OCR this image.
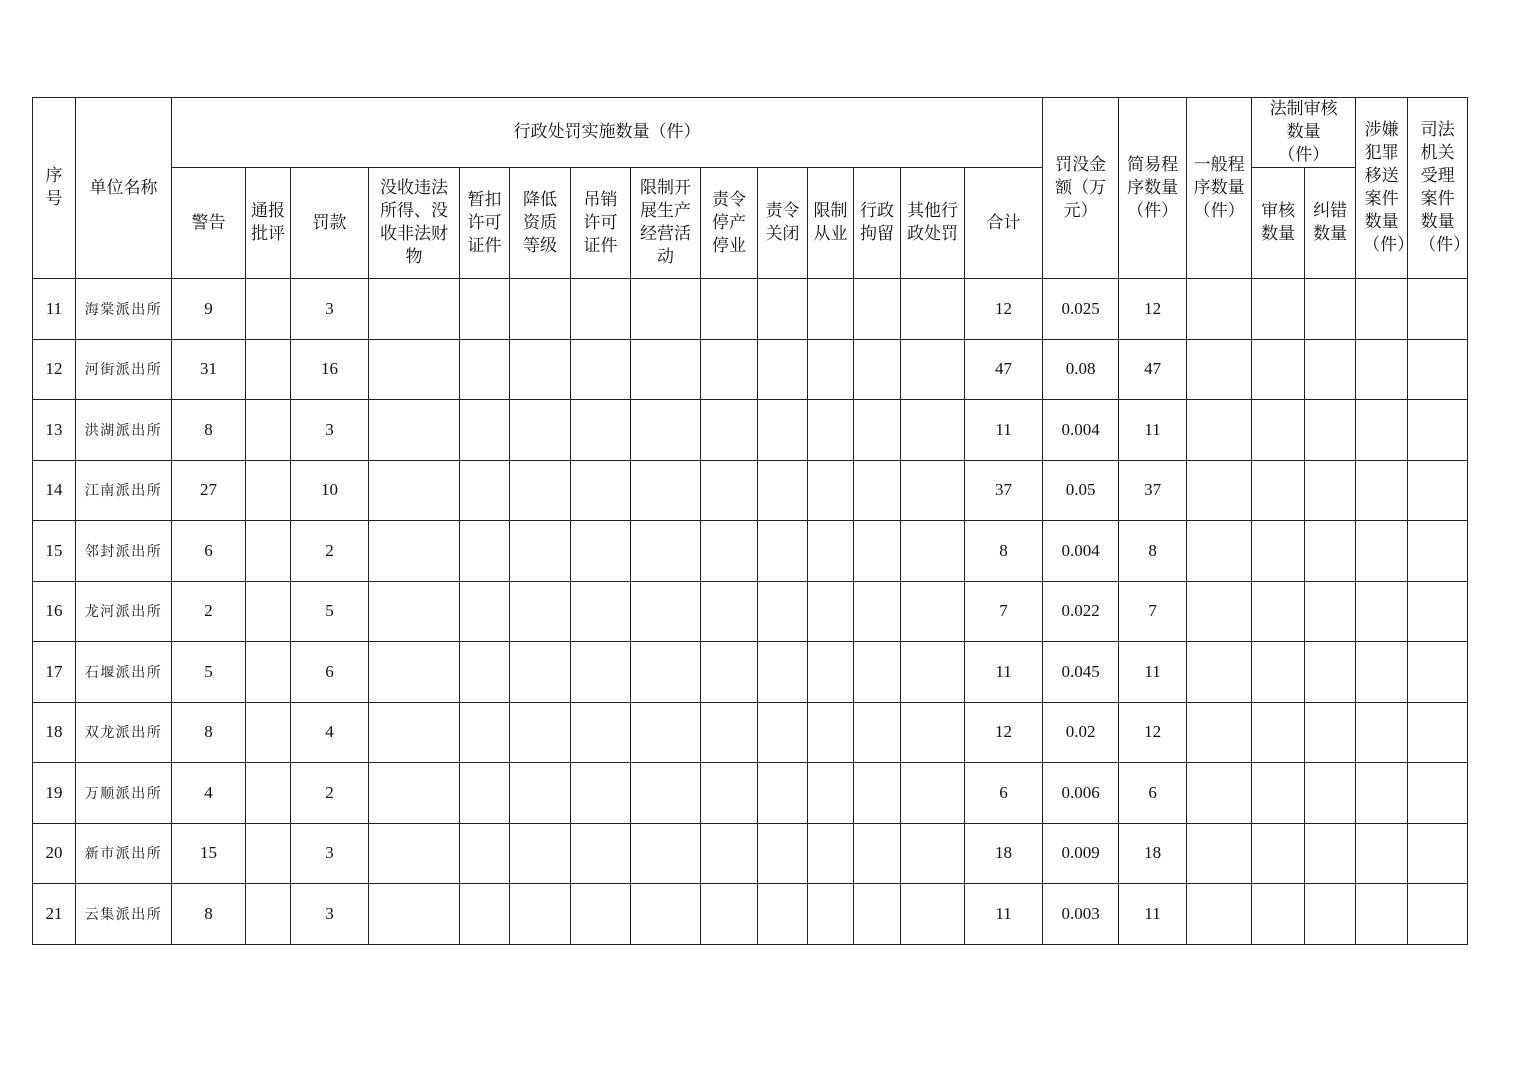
序号	单位名称	行政处罚实施数量（件）														罚没金额（万元）	简易程序数量（件）	一般程序数量（件）	法制审核数量（件）		涉嫌犯罪移送案件数量（件）	司法机关受理案件数量（件）
		警告	通报批评	罚款	没收违法所得、没收非法财物	暂扣许可证件	降低资质等级	吊销许可证件	限制开展生产经营活动	责令停产停业	责令关闭	限制从业	行政拘留	其他行政处罚	合计				审核数量	纠错数量		
11	海棠派出所	9		3											12	0.025	12					
12	河街派出所	31		16											47	0.08	47					
13	洪湖派出所	8		3											11	0.004	11					
14	江南派出所	27		10											37	0.05	37					
15	邻封派出所	6		2											8	0.004	8					
16	龙河派出所	2		5											7	0.022	7					
17	石堰派出所	5		6											11	0.045	11					
18	双龙派出所	8		4											12	0.02	12					
19	万顺派出所	4		2											6	0.006	6					
20	新市派出所	15		3											18	0.009	18					
21	云集派出所	8		3											11	0.003	11					
